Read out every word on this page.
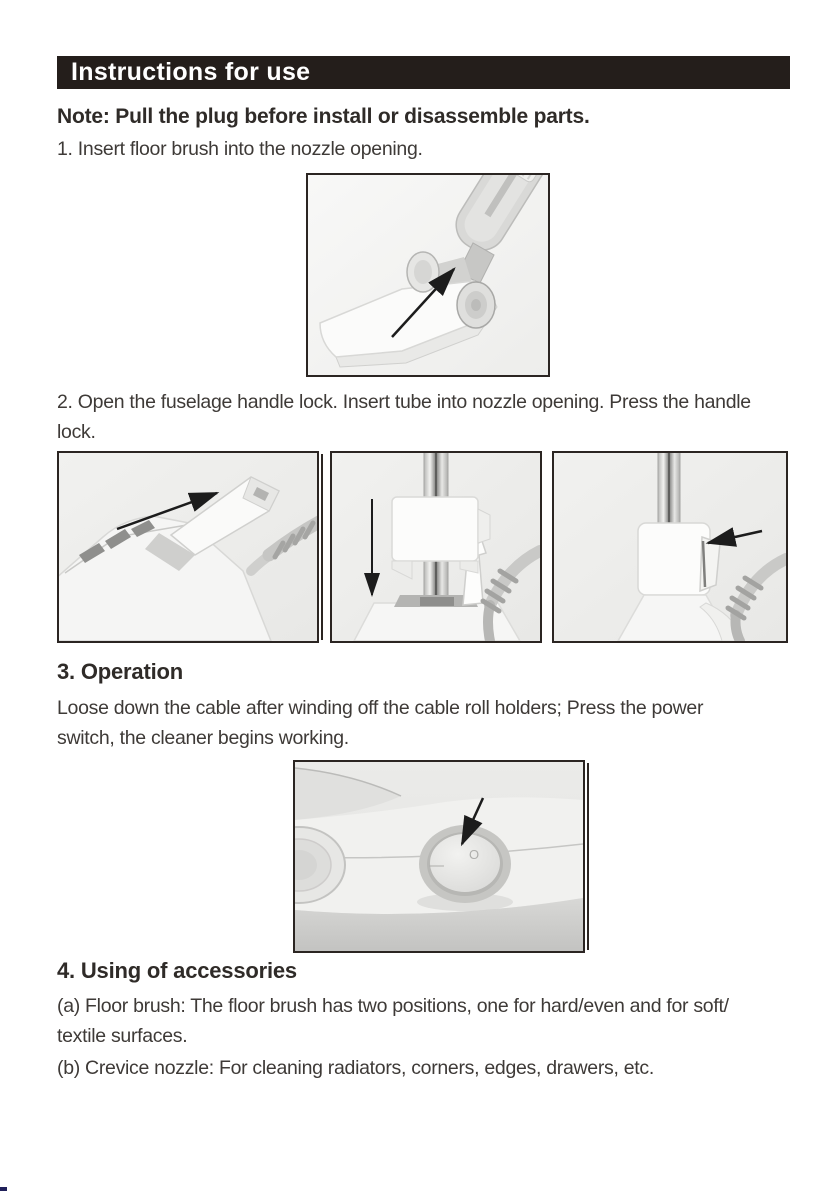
Instructions for use
Note: Pull the plug before install or disassemble parts.
1. Insert floor brush into the nozzle opening.
2. Open the fuselage handle lock. Insert tube into nozzle opening. Press the handle
lock.
3. Operation
Loose down the cable after winding off the cable roll holders; Press the power
switch, the cleaner begins working.
—
O
4. Using of accessories
(a) Floor brush: The floor brush has two positions, one for hard/even and for soft/
textile surfaces.
(b) Crevice nozzle: For cleaning radiators, corners, edges, drawers, etc.
